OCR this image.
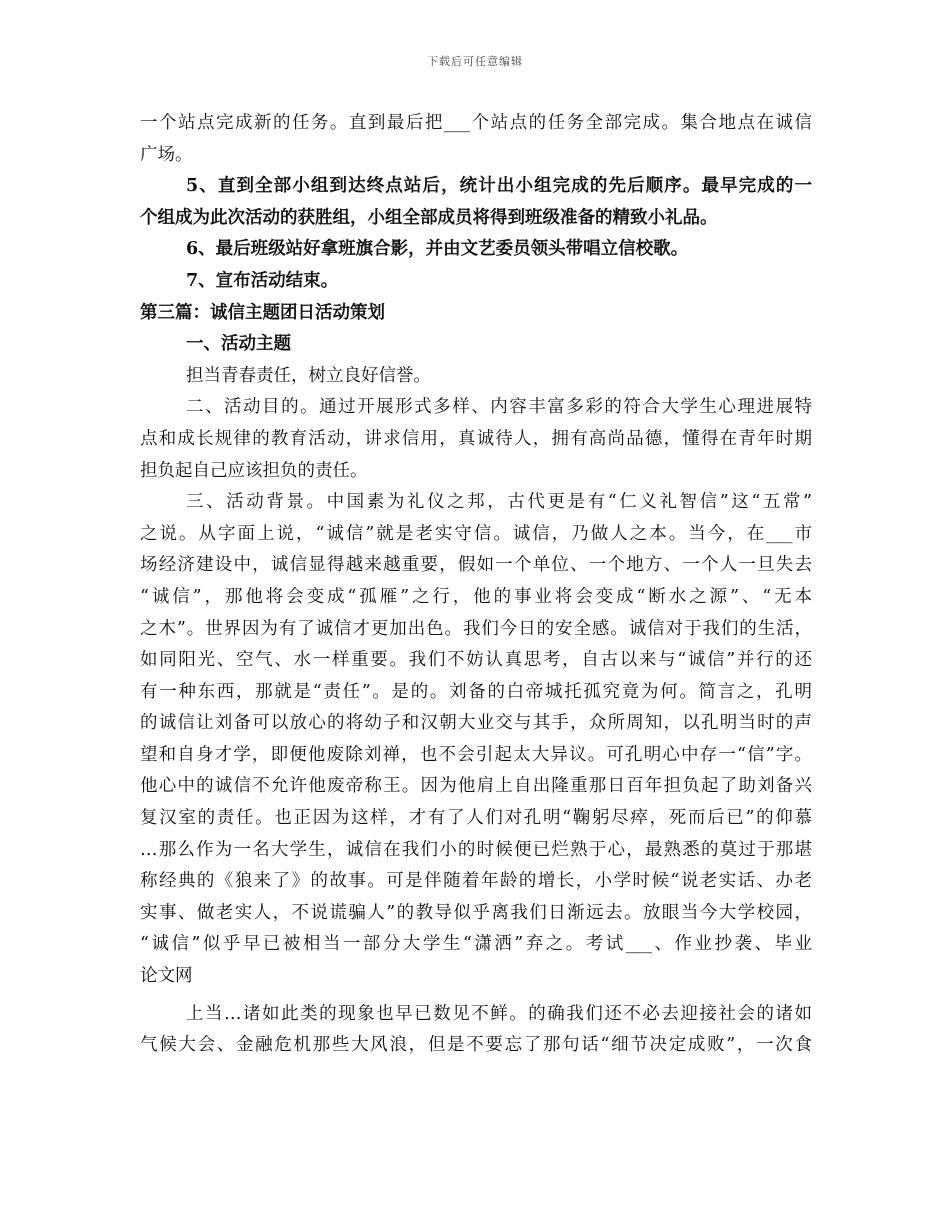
下载后可任意编辑
一个站点完成新的任务。直到最后把___个站点的任务全部完成。集合地点在诚信
广场。
5、直到全部小组到达终点站后，统计出小组完成的先后顺序。最早完成的一
个组成为此次活动的获胜组，小组全部成员将得到班级准备的精致小礼品。
6、最后班级站好拿班旗合影，并由文艺委员领头带唱立信校歌。
7、宣布活动结束。
第三篇：诚信主题团日活动策划
一、活动主题
担当青春责任，树立良好信誉。
二、活动目的。通过开展形式多样、内容丰富多彩的符合大学生心理进展特
点和成长规律的教育活动，讲求信用，真诚待人，拥有高尚品德，懂得在青年时期
担负起自己应该担负的责任。
三、活动背景。中国素为礼仪之邦，古代更是有“仁义礼智信”这“五常”
之说。从字面上说，“诚信”就是老实守信。诚信，乃做人之本。当今，在___市
场经济建设中，诚信显得越来越重要，假如一个单位、一个地方、一个人一旦失去
“诚信”，那他将会变成“孤雁”之行，他的事业将会变成“断水之源”、“无本
之木”。世界因为有了诚信才更加出色。我们今日的安全感。诚信对于我们的生活，
如同阳光、空气、水一样重要。我们不妨认真思考，自古以来与“诚信”并行的还
有一种东西，那就是“责任”。是的。刘备的白帝城托孤究竟为何。简言之，孔明
的诚信让刘备可以放心的将幼子和汉朝大业交与其手，众所周知，以孔明当时的声
望和自身才学，即便他废除刘禅，也不会引起太大异议。可孔明心中存一“信”字。
他心中的诚信不允许他废帝称王。因为他肩上自出隆重那日百年担负起了助刘备兴
复汉室的责任。也正因为这样，才有了人们对孔明“鞠躬尽瘁，死而后已”的仰慕
…那么作为一名大学生，诚信在我们小的时候便已烂熟于心，最熟悉的莫过于那堪
称经典的《狼来了》的故事。可是伴随着年龄的增长，小学时候“说老实话、办老
实事、做老实人，不说谎骗人”的教导似乎离我们日渐远去。放眼当今大学校园，
“诚信”似乎早已被相当一部分大学生“潇洒”弃之。考试___、作业抄袭、毕业
论文网
上当…诸如此类的现象也早已数见不鲜。的确我们还不必去迎接社会的诸如
气候大会、金融危机那些大风浪，但是不要忘了那句话“细节决定成败”，一次食
